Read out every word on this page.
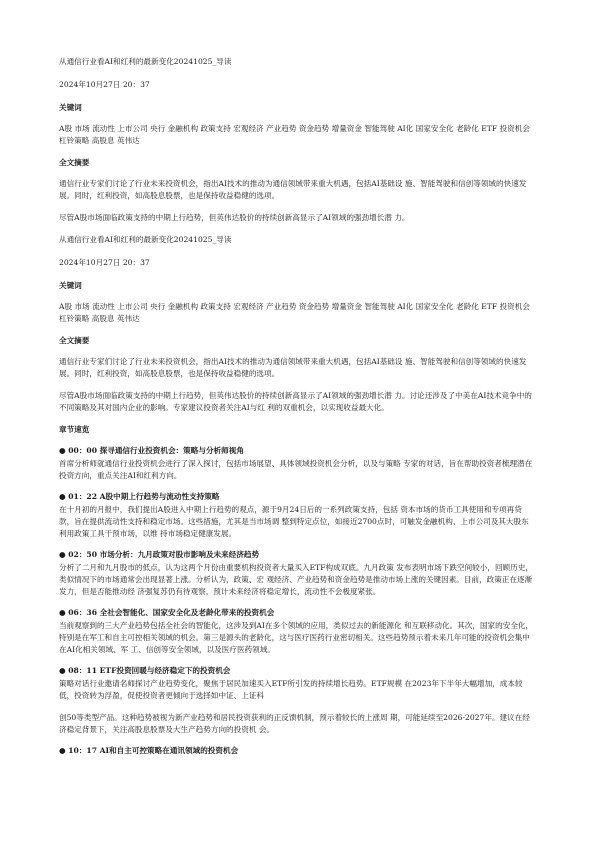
从通信行业看AI和红利的最新变化20241025_导读

2024年10月27日 20：37

关键词

A股 市场 流动性 上市公司 央行 金融机构 政策支持 宏观经济 产业趋势 资金趋势 增量资金 智能驾驶 AI化 国家安全化 老龄化 ETF 投资机会 杠铃策略 高股息 英伟达

全文摘要

通信行业专家们讨论了行业未来投资机会，指出AI技术的推动为通信领域带来重大机遇，包括AI基础设 施、智能驾驶和信创等领域的快速发展。同时，红利投资，如高股息股票，也是保持收益稳健的选项。

尽管A股市场面临政策支持的中期上行趋势，但英伟达股价的持续创新高显示了AI领域的强劲增长潜 力。

从通信行业看AI和红利的最新变化20241025_导读

2024年10月27日 20：37

关键词

A股 市场 流动性 上市公司 央行 金融机构 政策支持 宏观经济 产业趋势 资金趋势 增量资金 智能驾驶 AI化 国家安全化 老龄化 ETF 投资机会 杠铃策略 高股息 英伟达

全文摘要

通信行业专家们讨论了行业未来投资机会，指出AI技术的推动为通信领域带来重大机遇，包括AI基础设 施、智能驾驶和信创等领域的快速发展。同时，红利投资，如高股息股票，也是保持收益稳健的选项。

尽管A股市场面临政策支持的中期上行趋势，但英伟达股价的持续创新高显示了AI领域的强劲增长潜 力。讨论还涉及了中美在AI技术竞争中的不同策略及其对国内企业的影响。专家建议投资者关注AI与红 利的双重机会，以实现收益最大化。

章节速览

● 00：00 探寻通信行业投资机会：策略与分析师视角

首席分析师就通信行业投资机会进行了深入探讨，包括市场展望、具体领域投资机会分析，以及与策略 专家的对话，旨在帮助投资者梳理潜在投资方向，重点关注AI和红利方向。

● 01：22 A股中期上行趋势与流动性支持策略

在十月初的月报中，我们提出A股进入中期上行趋势的观点，源于9月24日后的一系列政策支持，包括 资本市场的货币工具使用和专项再贷款，旨在提供流动性支持和稳定市场。这些措施，尤其是当市场调 整到特定点位，如接近2700点时，可触发金融机构、上市公司及其大股东利用政策工具干预市场，以维 持市场稳定健康发展。

● 02：50 市场分析：九月政策对股市影响及未来经济趋势

分析了二月和九月股市的低点，认为这两个月份由重要机构投资者大量买入ETF构成双底。九月政策 发布表明市场下跌空间较小，回顾历史，类似情况下的市场通常会出现显著上涨。分析认为，政策、宏 观经济、产业趋势和资金趋势是推动市场上涨的关键因素。目前，政策正在逐渐发力，但是否能推动经 济强复苏仍有待观察，预计未来经济将稳定增长，流动性不会极度紧张。

● 06：36 全社会智能化、国家安全化及老龄化带来的投资机会

当前观察到的三大产业趋势包括全社会的智能化，这涉及到AI在多个领域的应用，类似过去的新能源化 和互联移动化。其次，国家的安全化，特别是在军工和自主可控相关领域的机会。第三是源头的老龄化，这与医疗医药行业密切相关。这些趋势预示着未来几年可能的投资机会集中在AI化相关领域、军 工、信创等安全领域，以及医疗医药领域。

● 08：11 ETF投资回暖与经济稳定下的投资机会

策略对话行业邀请名师探讨产业趋势变化，聚焦于居民加速买入ETF所引发的持续增长趋势。ETF规模 在2023年下半年大幅增加，成本较低，投资转为浮盈，促使投资者更倾向于选择如中证、上证科

创50等类型产品。这种趋势被视为新产业趋势和居民投资获利的正反馈机制，预示着较长的上涨周 期，可能延续至2026-2027年。建议在经济稳定背景下，关注高股息股票及大生产趋势方向的投资机 会。

● 10：17 AI和自主可控策略在通讯领域的投资机会
